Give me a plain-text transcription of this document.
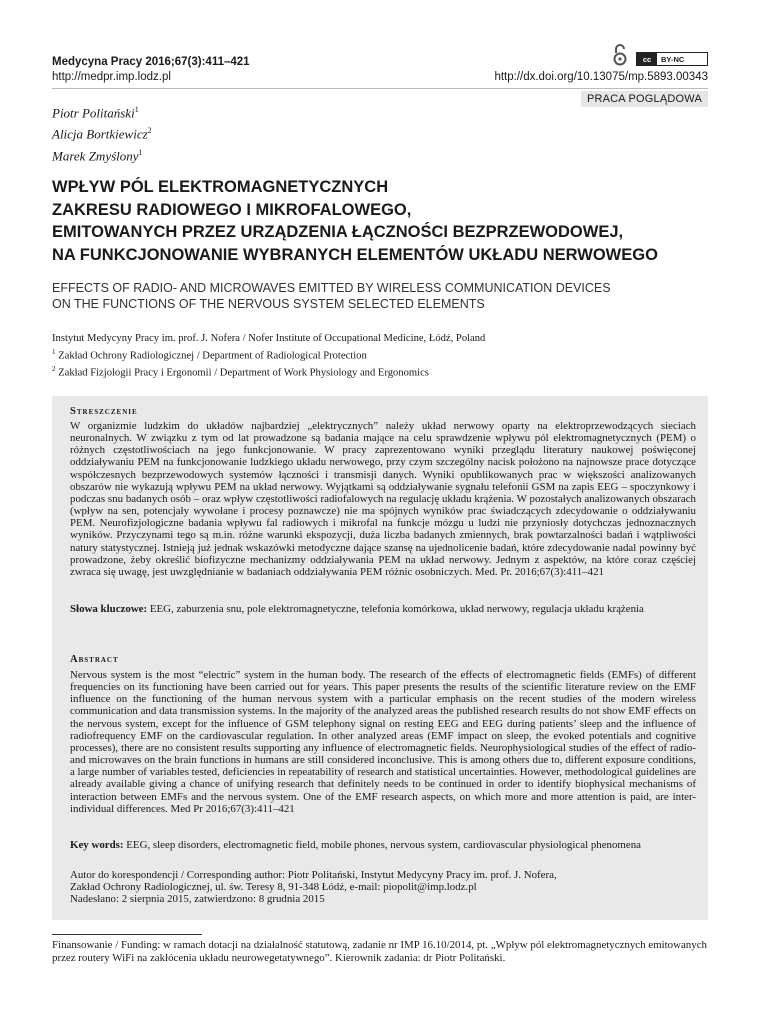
Medycyna Pracy 2016;67(3):411–421
http://medpr.imp.lodz.pl
cc	BY-NC
http://dx.doi.org/10.13075/mp.5893.00343
PRACA POGLĄDOWA
Piotr Politański$^1$
Alicja Bortkiewicz$^2$
Marek Zmyślony$^1$
WPŁYW PÓL ELEKTROMAGNETYCZNYCH
ZAKRESU RADIOWEGO I MIKROFALOWEGO,
EMITOWANYCH PRZEZ URZĄDZENIA ŁĄCZNOŚCI BEZPRZEWODOWEJ,
NA FUNKCJONOWANIE WYBRANYCH ELEMENTÓW UKŁADU NERWOWEGO
EFFECTS OF RADIO- AND MICROWAVES EMITTED BY WIRELESS COMMUNICATION DEVICES
ON THE FUNCTIONS OF THE NERVOUS SYSTEM SELECTED ELEMENTS
Instytut Medycyny Pracy im. prof. J. Nofera / Nofer Institute of Occupational Medicine, Łódź, Poland
$^1$ Zakład Ochrony Radiologicznej / Department of Radiological Protection
$^2$ Zakład Fizjologii Pracy i Ergonomii / Department of Work Physiology and Ergonomics
Streszczenie
W organizmie ludzkim do układów najbardziej „elektrycznych” należy układ nerwowy oparty na elektroprzewodzących sieciach neuronalnych. W związku z tym od lat prowadzone są badania mające na celu sprawdzenie wpływu pól elektromagnetycznych (PEM) o różnych częstotliwościach na jego funkcjonowanie. W pracy zaprezentowano wyniki przeglądu literatury naukowej poświęconej oddziaływaniu PEM na funkcjonowanie ludzkiego układu nerwowego, przy czym szczególny nacisk położono na najnowsze prace dotyczące współczesnych bezprzewodowych systemów łączności i transmisji danych. Wyniki opublikowanych prac w większości analizowanych obszarów nie wykazują wpływu PEM na układ nerwowy. Wyjątkami są oddziaływanie sygnału telefonii GSM na zapis EEG – spoczynkowy i podczas snu badanych osób – oraz wpływ częstotliwości radiofalowych na regulację układu krążenia. W pozostałych analizowanych obszarach (wpływ na sen, potencjały wywołane i procesy poznawcze) nie ma spójnych wyników prac świadczących zdecydowanie o oddziaływaniu PEM. Neurofizjologiczne badania wpływu fal radiowych i mikrofal na funkcje mózgu u ludzi nie przyniosły dotychczas jednoznacznych wyników. Przyczynami tego są m.in. różne warunki ekspozycji, duża liczba badanych zmiennych, brak powtarzalności badań i wątpliwości natury statystycznej. Istnieją już jednak wskazówki metodyczne dające szansę na ujednolicenie badań, które zdecydowanie nadal powinny być prowadzone, żeby określić biofizyczne mechanizmy oddziaływania PEM na układ nerwowy. Jednym z aspektów, na które coraz częściej zwraca się uwagę, jest uwzględnianie w badaniach oddziaływania PEM różnic osobniczych. Med. Pr. 2016;67(3):411–421
Słowa kluczowe: EEG, zaburzenia snu, pole elektromagnetyczne, telefonia komórkowa, układ nerwowy, regulacja układu krążenia
Abstract
Nervous system is the most “electric” system in the human body. The research of the effects of electromagnetic fields (EMFs) of different frequencies on its functioning have been carried out for years. This paper presents the results of the scientific literature review on the EMF influence on the functioning of the human nervous system with a particular emphasis on the recent studies of the modern wireless communication and data transmission systems. In the majority of the analyzed areas the published research results do not show EMF effects on the nervous system, except for the influence of GSM telephony signal on resting EEG and EEG during patients’ sleep and the influence of radiofrequency EMF on the cardiovascular regulation. In other analyzed areas (EMF impact on sleep, the evoked potentials and cognitive processes), there are no consistent results supporting any influence of electromagnetic fields. Neurophysiological studies of the effect of radio- and microwaves on the brain functions in humans are still considered inconclusive. This is among others due to, different exposure conditions, a large number of variables tested, deficiencies in repeatability of research and statistical uncertainties. However, methodological guidelines are already available giving a chance of unifying research that definitely needs to be continued in order to identify biophysical mechanisms of interaction between EMFs and the nervous system. One of the EMF research aspects, on which more and more attention is paid, are inter-individual differences. Med Pr 2016;67(3):411–421
Key words: EEG, sleep disorders, electromagnetic field, mobile phones, nervous system, cardiovascular physiological phenomena
Autor do korespondencji / Corresponding author: Piotr Politański, Instytut Medycyny Pracy im. prof. J. Nofera,
Zakład Ochrony Radiologicznej, ul. św. Teresy 8, 91-348 Łódź, e-mail: piopolit@imp.lodz.pl
Nadesłano: 2 sierpnia 2015, zatwierdzono: 8 grudnia 2015
Finansowanie / Funding: w ramach dotacji na działalność statutową, zadanie nr IMP 16.10/2014, pt. „Wpływ pól elektromagnetycznych emitowanych przez routery WiFi na zakłócenia układu neurowegetatywnego”. Kierownik zadania: dr Piotr Politański.
